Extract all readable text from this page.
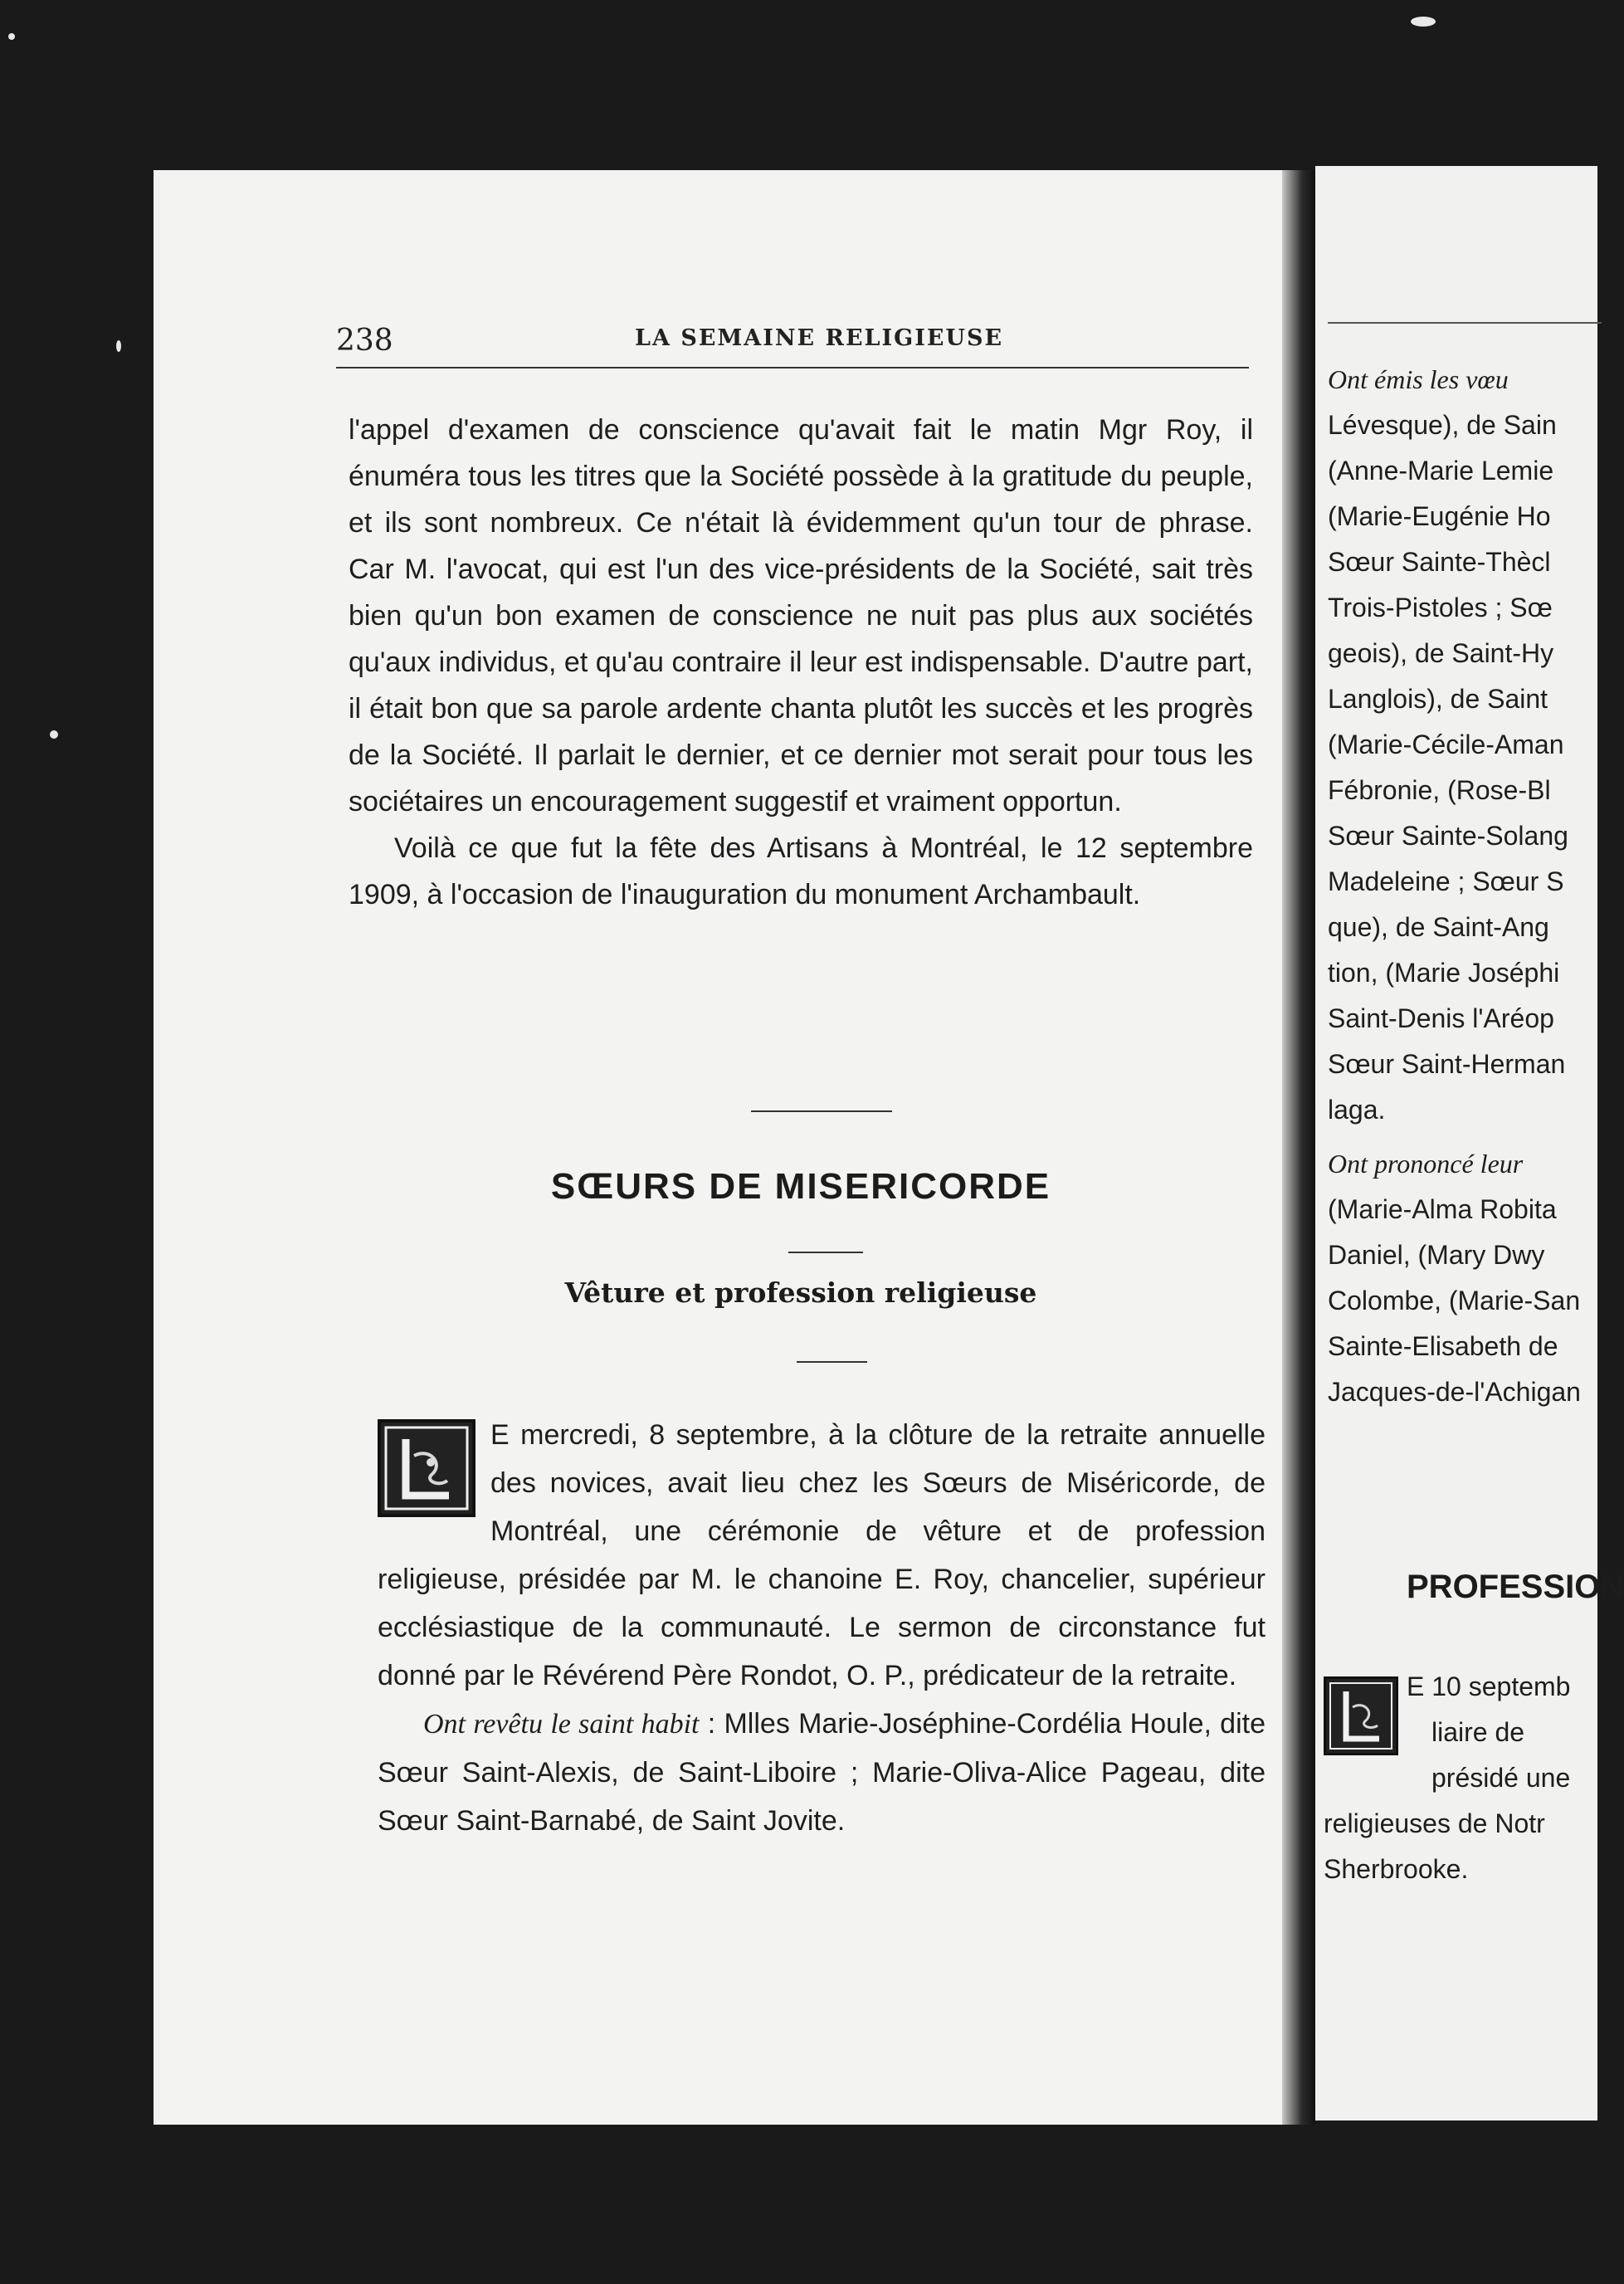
238	LA SEMAINE RELIGIEUSE

l'appel d'examen de conscience qu'avait fait le matin Mgr Roy, il énuméra tous les titres que la Société possède à la gratitude du peuple, et ils sont nombreux. Ce n'était là évidemment qu'un tour de phrase. Car M. l'avocat, qui est l'un des vice-présidents de la Société, sait très bien qu'un bon examen de conscience ne nuit pas plus aux sociétés qu'aux individus, et qu'au contraire il leur est indispensable. D'autre part, il était bon que sa parole ardente chanta plutôt les succès et les progrès de la Société. Il parlait le dernier, et ce dernier mot serait pour tous les sociétaires un encouragement suggestif et vraiment opportun.

Voilà ce que fut la fête des Artisans à Montréal, le 12 septembre 1909, à l'occasion de l'inauguration du monument Archambault.

SŒURS DE MISERICORDE
Vêture et profession religieuse

E mercredi, 8 septembre, à la clôture de la retraite annuelle des novices, avait lieu chez les Sœurs de Miséricorde, de Montréal, une cérémonie de vêture et de profession religieuse, présidée par M. le chanoine E. Roy, chancelier, supérieur ecclésiastique de la communauté. Le sermon de circonstance fut donné par le Révérend Père Rondot, O. P., prédicateur de la retraite.

Ont revêtu le saint habit : Mlles Marie-Joséphine-Cordélia Houle, dite Sœur Saint-Alexis, de Saint-Liboire ; Marie-Oliva-Alice Pageau, dite Sœur Saint-Barnabé, de Saint Jovite.

Ont émis les vœu
Lévesque), de Sain
(Anne-Marie Lemie
(Marie-Eugénie Ho
Sœur Sainte-Thècl
Trois-Pistoles ; Sœ
geois), de Saint-Hy
Langlois), de Saint
(Marie-Cécile-Aman
Fébronie, (Rose-Bl
Sœur Sainte-Solang
Madeleine ; Sœur S
que), de Saint-Ang
tion, (Marie Joséphi
Saint-Denis l'Aréop
Sœur Saint-Herman
laga.
Ont prononcé leur
(Marie-Alma Robita
Daniel, (Mary Dwy
Colombe, (Marie-San
Sainte-Elisabeth de
Jacques-de-l'Achigan
PROFESSION
E 10 septemb
liaire de
présidé une
religieuses de Notr
Sherbrooke.
